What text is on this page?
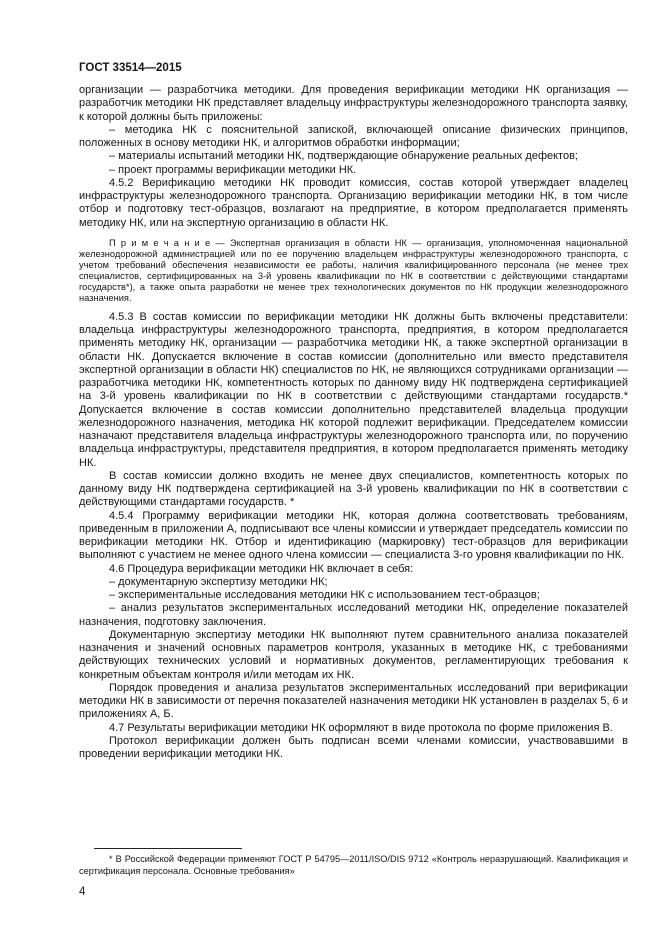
ГОСТ 33514—2015

организации — разработчика методики. Для проведения верификации методики НК организация — разработчик методики НК представляет владельцу инфраструктуры железнодорожного транспорта заявку, к которой должны быть приложены:

– методика НК с пояснительной запиской, включающей описание физических принципов, положенных в основу методики НК, и алгоритмов обработки информации;

– материалы испытаний методики НК, подтверждающие обнаружение реальных дефектов;

– проект программы верификации методики НК.

4.5.2 Верификацию методики НК проводит комиссия, состав которой утверждает владелец инфраструктуры железнодорожного транспорта. Организацию верификации методики НК, в том числе отбор и подготовку тест-образцов, возлагают на предприятие, в котором предполагается применять методику НК, или на экспертную организацию в области НК.

П р и м е ч а н и е — Экспертная организация в области НК — организация, уполномоченная национальной железнодорожной администрацией или по ее поручению владельцем инфраструктуры железнодорожного транспорта, с учетом требований обеспечения независимости ее работы, наличия квалифицированного персонала (не менее трех специалистов, сертифицированных на 3-й уровень квалификации по НК в соответствии с действующими стандартами государств*), а также опыта разработки не менее трех технологических документов по НК продукции железнодорожного назначения.

4.5.3 В состав комиссии по верификации методики НК должны быть включены представители: владельца инфраструктуры железнодорожного транспорта, предприятия, в котором предполагается применять методику НК, организации — разработчика методики НК, а также экспертной организации в области НК. Допускается включение в состав комиссии (дополнительно или вместо представителя экспертной организации в области НК) специалистов по НК, не являющихся сотрудниками организации — разработчика методики НК, компетентность которых по данному виду НК подтверждена сертификацией на 3-й уровень квалификации по НК в соответствии с действующими стандартами государств.* Допускается включение в состав комиссии дополнительно представителей владельца продукции железнодорожного назначения, методика НК которой подлежит верификации. Председателем комиссии назначают представителя владельца инфраструктуры железнодорожного транспорта или, по поручению владельца инфраструктуры, представителя предприятия, в котором предполагается применять методику НК.

В состав комиссии должно входить не менее двух специалистов, компетентность которых по данному виду НК подтверждена сертификацией на 3-й уровень квалификации по НК в соответствии с действующими стандартами государств. *

4.5.4 Программу верификации методики НК, которая должна соответствовать требованиям, приведенным в приложении А, подписывают все члены комиссии и утверждает председатель комиссии по верификации методики НК. Отбор и идентификацию (маркировку) тест-образцов для верификации выполняют с участием не менее одного члена комиссии — специалиста 3-го уровня квалификации по НК.

4.6 Процедура верификации методики НК включает в себя:

– документарную экспертизу методики НК;

– экспериментальные исследования методики НК с использованием тест-образцов;

– анализ результатов экспериментальных исследований методики НК, определение показателей назначения, подготовку заключения.

Документарную экспертизу методики НК выполняют путем сравнительного анализа показателей назначения и значений основных параметров контроля, указанных в методике НК, с требованиями действующих технических условий и нормативных документов, регламентирующих требования к конкретным объектам контроля и/или методам их НК.

Порядок проведения и анализа результатов экспериментальных исследований при верификации методики НК в зависимости от перечня показателей назначения методики НК установлен в разделах 5, 6 и приложениях А, Б.

4.7 Результаты верификации методики НК оформляют в виде протокола по форме приложения В.

Протокол верификации должен быть подписан всеми членами комиссии, участвовавшими в проведении верификации методики НК.

* В Российской Федерации применяют ГОСТ Р 54795—2011/ISO/DIS 9712 «Контроль неразрушающий. Квалификация и сертификация персонала. Основные требования»

4
